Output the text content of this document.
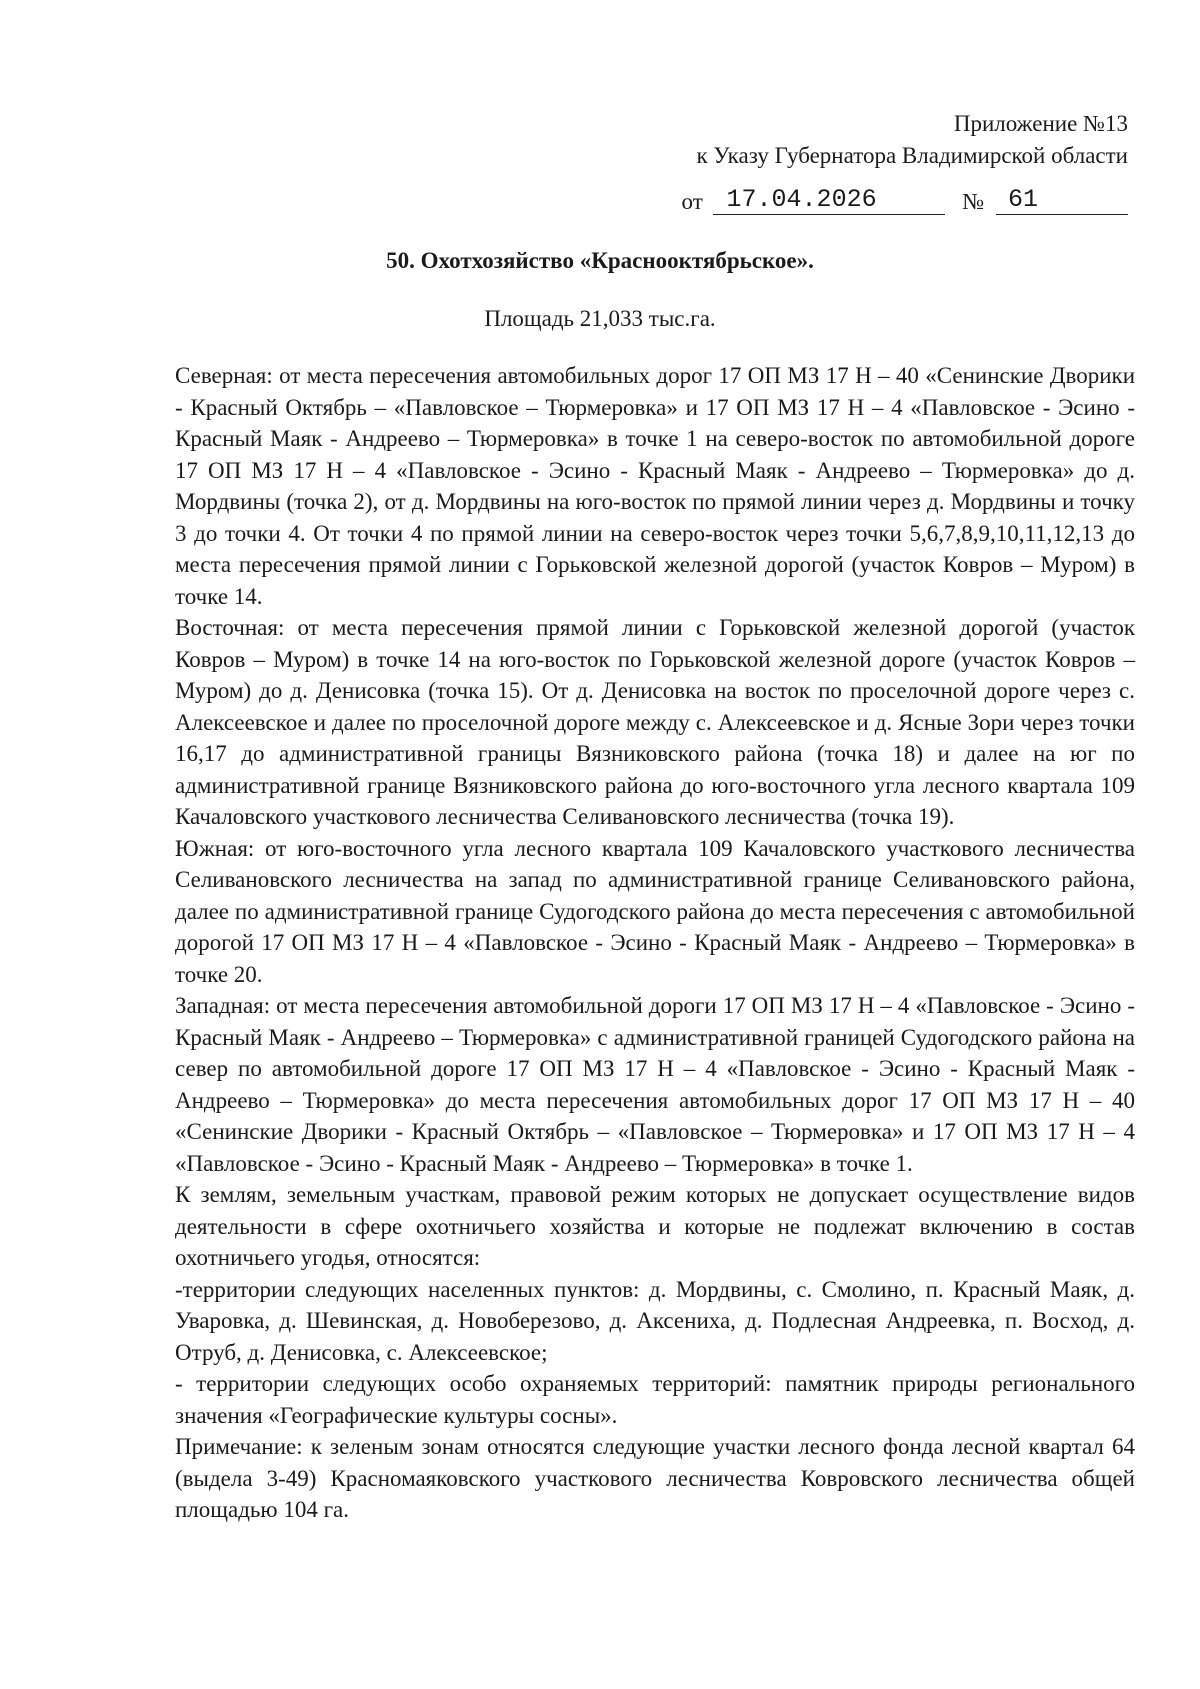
Приложение №13
к Указу Губернатора Владимирской области
от 17.04.2026	№ 61
50. Охотхозяйство «Краснооктябрьское».
Площадь 21,033 тыс.га.

Северная: от места пересечения автомобильных дорог 17 ОП МЗ 17 Н – 40 «Сенинские Дворики - Красный Октябрь – «Павловское – Тюрмеровка» и 17 ОП МЗ 17 Н – 4 «Павловское - Эсино - Красный Маяк - Андреево – Тюрмеровка» в точке 1 на северо-восток по автомобильной дороге 17 ОП МЗ 17 Н – 4 «Павловское - Эсино - Красный Маяк - Андреево – Тюрмеровка» до д. Мордвины (точка 2), от д. Мордвины на юго-восток по прямой линии через д. Мордвины и точку 3 до точки 4. От точки 4 по прямой линии на северо-восток через точки 5,6,7,8,9,10,11,12,13 до места пересечения прямой линии с Горьковской железной дорогой (участок Ковров – Муром) в точке 14.

Восточная: от места пересечения прямой линии с Горьковской железной дорогой (участок Ковров – Муром) в точке 14 на юго-восток по Горьковской железной дороге (участок Ковров – Муром) до д. Денисовка (точка 15). От д. Денисовка на восток по проселочной дороге через с. Алексеевское и далее по проселочной дороге между с. Алексеевское и д. Ясные Зори через точки 16,17 до административной границы Вязниковского района (точка 18) и далее на юг по административной границе Вязниковского района до юго-восточного угла лесного квартала 109 Качаловского участкового лесничества Селивановского лесничества (точка 19).

Южная: от юго-восточного угла лесного квартала 109 Качаловского участкового лесничества Селивановского лесничества на запад по административной границе Селивановского района, далее по административной границе Судогодского района до места пересечения с автомобильной дорогой 17 ОП МЗ 17 Н – 4 «Павловское - Эсино - Красный Маяк - Андреево – Тюрмеровка» в точке 20.

Западная: от места пересечения автомобильной дороги 17 ОП МЗ 17 Н – 4 «Павловское - Эсино - Красный Маяк - Андреево – Тюрмеровка» с административной границей Судогодского района на север по автомобильной дороге 17 ОП МЗ 17 Н – 4 «Павловское - Эсино - Красный Маяк - Андреево – Тюрмеровка» до места пересечения автомобильных дорог 17 ОП МЗ 17 Н – 40 «Сенинские Дворики - Красный Октябрь – «Павловское – Тюрмеровка» и 17 ОП МЗ 17 Н – 4 «Павловское - Эсино - Красный Маяк - Андреево – Тюрмеровка» в точке 1.

К землям, земельным участкам, правовой режим которых не допускает осуществление видов деятельности в сфере охотничьего хозяйства и которые не подлежат включению в состав охотничьего угодья, относятся:

-территории следующих населенных пунктов: д. Мордвины, с. Смолино, п. Красный Маяк, д. Уваровка, д. Шевинская, д. Новоберезово, д. Аксениха, д. Подлесная Андреевка, п. Восход, д. Отруб, д. Денисовка, с. Алексеевское;

- территории следующих особо охраняемых территорий: памятник природы регионального значения «Географические культуры сосны».

Примечание: к зеленым зонам относятся следующие участки лесного фонда лесной квартал 64 (выдела 3-49) Красномаяковского участкового лесничества Ковровского лесничества общей площадью 104 га.
